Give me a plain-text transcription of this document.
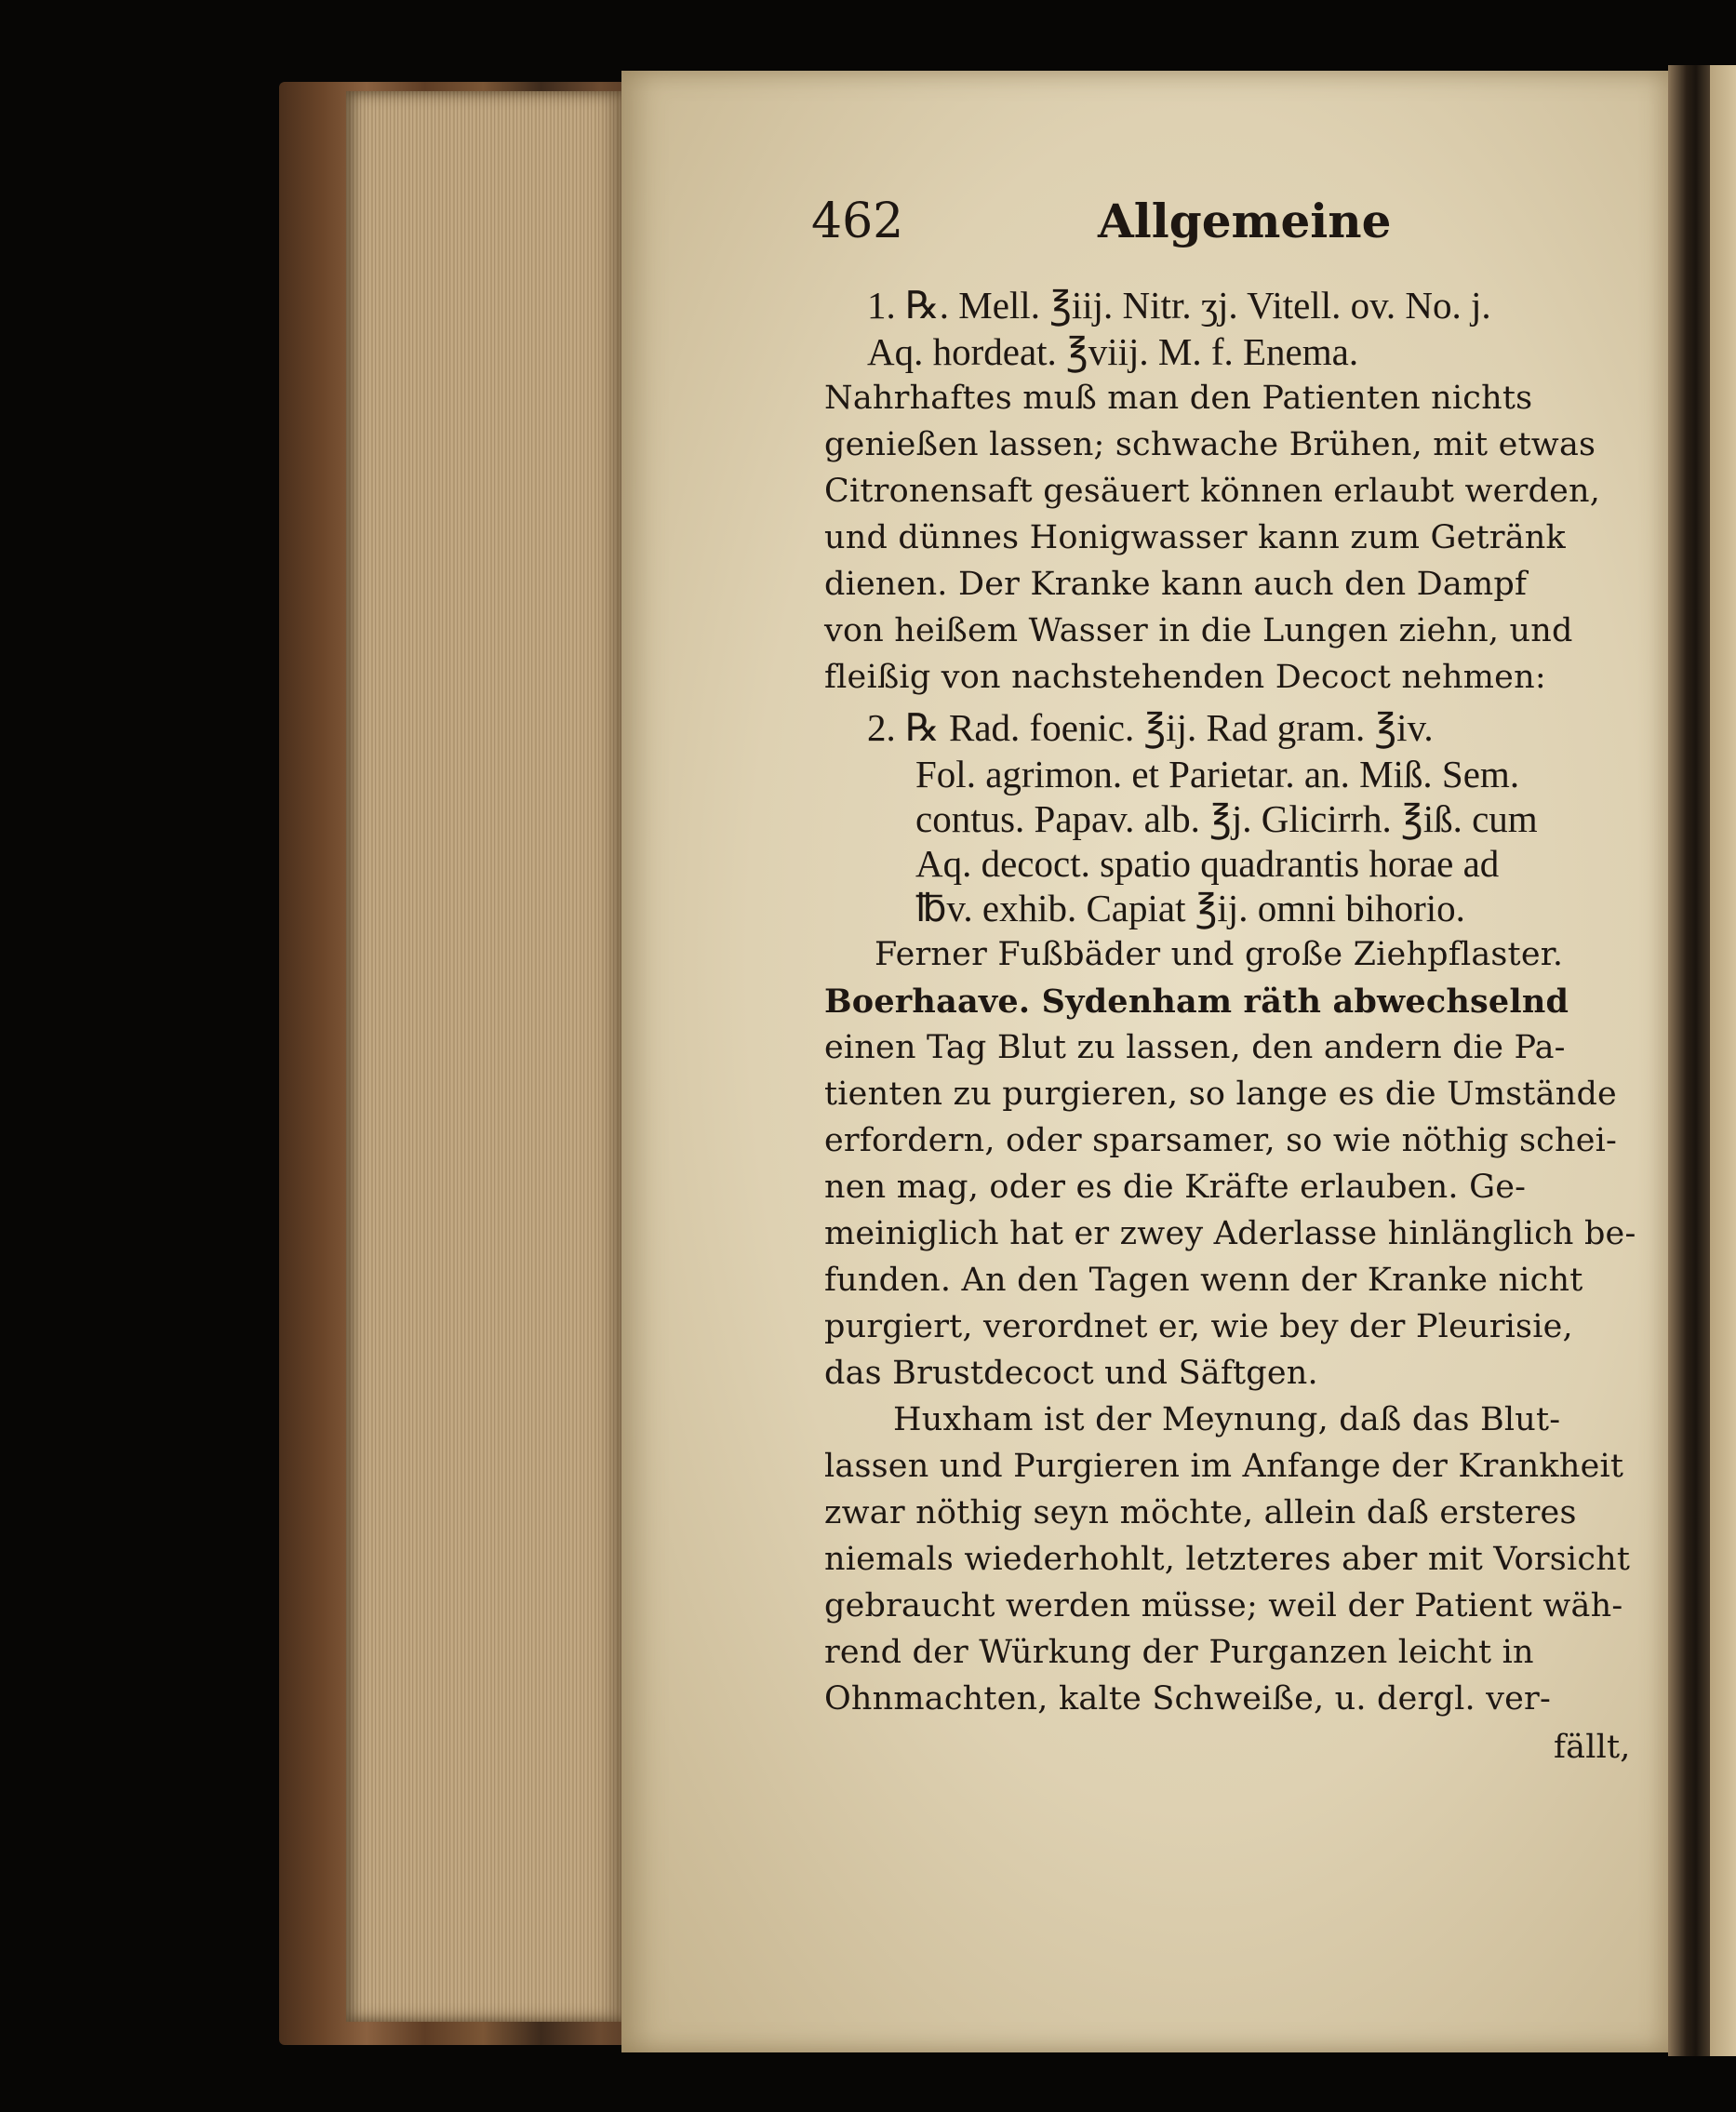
462	Allgemeine
1. ℞. Mell. ℥iij. Nitr. ʒj. Vitell. ov. No. j.
Aq. hordeat. ℥viij. M. f. Enema.
Nahrhaftes muß man den Patienten nichts
genießen lassen; schwache Brühen, mit etwas
Citronensaft gesäuert können erlaubt werden,
und dünnes Honigwasser kann zum Getränk
dienen. Der Kranke kann auch den Dampf
von heißem Wasser in die Lungen ziehn, und
fleißig von nachstehenden Decoct nehmen:
2. ℞ Rad. foenic. ℥ij. Rad gram. ℥iv.
Fol. agrimon. et Parietar. an. Miß. Sem.
contus. Papav. alb. ℥j. Glicirrh. ℥iß. cum
Aq. decoct. spatio quadrantis horae ad
℔v. exhib. Capiat ℥ij. omni bihorio.
Ferner Fußbäder und große Ziehpflaster.
Boerhaave. Sydenham räth abwechselnd
einen Tag Blut zu lassen, den andern die Pa-
tienten zu purgieren, so lange es die Umstände
erfordern, oder sparsamer, so wie nöthig schei-
nen mag, oder es die Kräfte erlauben. Ge-
meiniglich hat er zwey Aderlasse hinlänglich be-
funden. An den Tagen wenn der Kranke nicht
purgiert, verordnet er, wie bey der Pleurisie,
das Brustdecoct und Säftgen.
Huxham ist der Meynung, daß das Blut-
lassen und Purgieren im Anfange der Krankheit
zwar nöthig seyn möchte, allein daß ersteres
niemals wiederhohlt, letzteres aber mit Vorsicht
gebraucht werden müsse; weil der Patient wäh-
rend der Würkung der Purganzen leicht in
Ohnmachten, kalte Schweiße, u. dergl. ver-
fällt,
